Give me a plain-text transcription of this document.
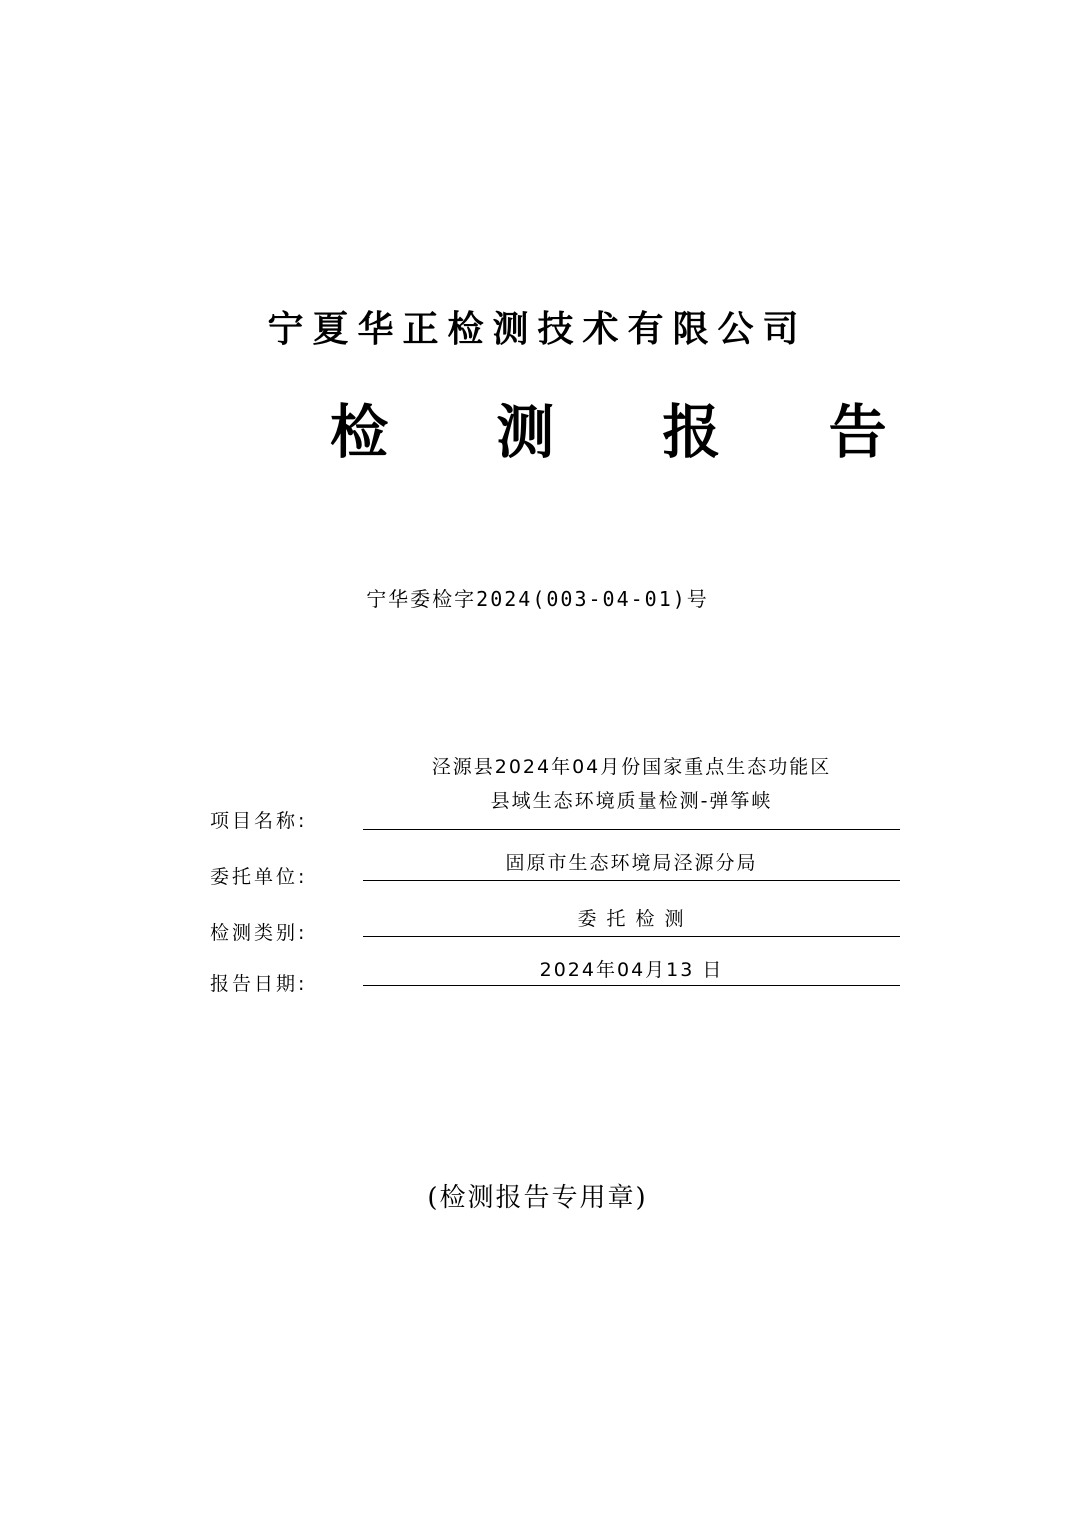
宁夏华正检测技术有限公司
检 测 报 告
宁华委检字2024(003-04-01)号
项目名称:
泾源县2024年04月份国家重点生态功能区
县域生态环境质量检测-弹筝峡
委托单位:
固原市生态环境局泾源分局
检测类别:
委 托 检 测
报告日期:
2024年04月13 日
(检测报告专用章)
